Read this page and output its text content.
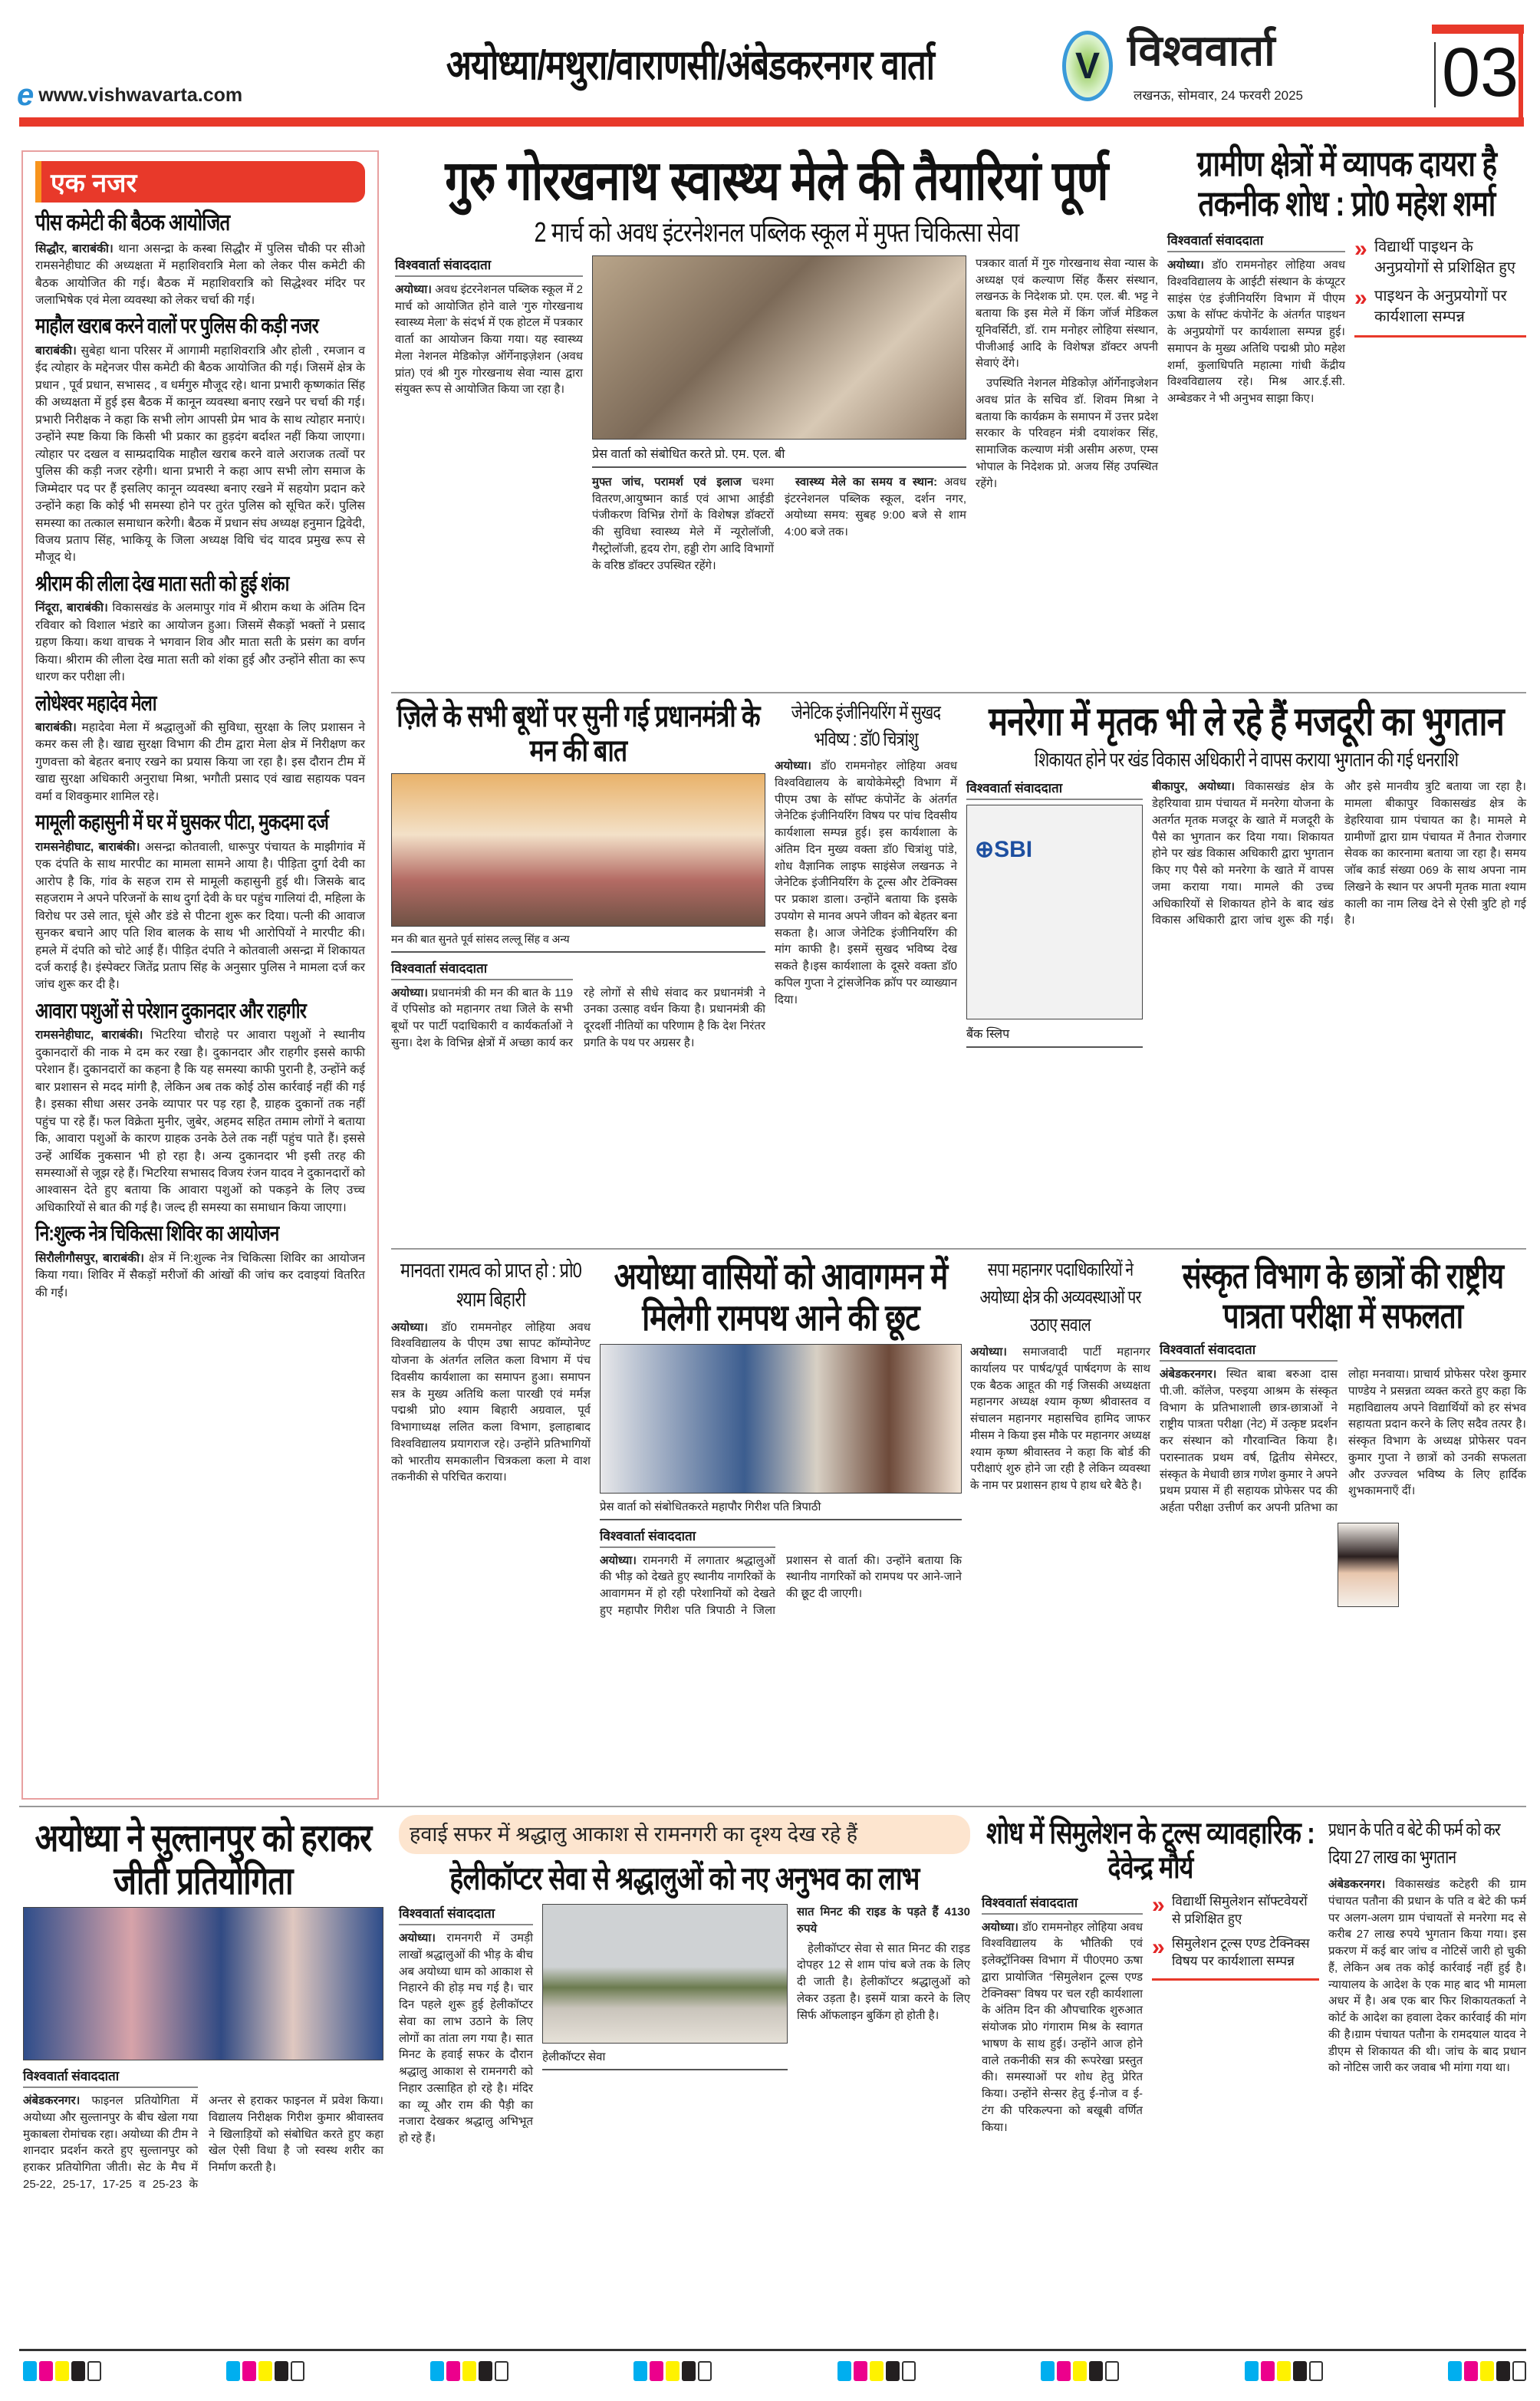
e www.vishwavarta.com
अयोध्या/मथुरा/वाराणसी/अंबेडकरनगर वार्ता	V विश्ववार्ता
लखनऊ, सोमवार, 24 फरवरी 2025 03
एक नजर
पीस कमेटी की बैठक आयोजित
सिद्धौर, बाराबंकी। थाना असन्द्रा के कस्बा सिद्धौर में पुलिस चौकी पर सीओ रामसनेहीघाट की अध्यक्षता में महाशिवरात्रि मेला को लेकर पीस कमेटी की बैठक आयोजित की गई। बैठक में महाशिवरात्रि को सिद्धेश्वर मंदिर पर जलाभिषेक एवं मेला व्यवस्था को लेकर चर्चा की गई।
माहौल खराब करने वालों पर पुलिस की कड़ी नजर
बाराबंकी। सुबेहा थाना परिसर में आगामी महाशिवरात्रि और होली , रमजान व ईद त्योहार के मद्देनजर पीस कमेटी की बैठक आयोजित की गई। जिसमें क्षेत्र के प्रधान , पूर्व प्रधान, सभासद , व धर्मगुरु मौजूद रहे। थाना प्रभारी कृष्णकांत सिंह की अध्यक्षता में हुई इस बैठक में कानून व्यवस्था बनाए रखने पर चर्चा की गई। प्रभारी निरीक्षक ने कहा कि सभी लोग आपसी प्रेम भाव के साथ त्योहार मनाएं। उन्होंने स्पष्ट किया कि किसी भी प्रकार का हुड़दंग बर्दाश्त नहीं किया जाएगा। त्योहार पर दखल व साम्प्रदायिक माहौल खराब करने वाले अराजक तत्वों पर पुलिस की कड़ी नजर रहेगी। थाना प्रभारी ने कहा आप सभी लोग समाज के जिम्मेदार पद पर हैं इसलिए कानून व्यवस्था बनाए रखने में सहयोग प्रदान करे उन्होंने कहा कि कोई भी समस्या होने पर तुरंत पुलिस को सूचित करें। पुलिस समस्या का तत्काल समाधान करेगी। बैठक में प्रधान संघ अध्यक्ष हनुमान द्विवेदी, विजय प्रताप सिंह, भाकियू के जिला अध्यक्ष विधि चंद यादव प्रमुख रूप से मौजूद थे।
श्रीराम की लीला देख माता सती को हुई शंका
निंदूरा, बाराबंकी। विकासखंड के अलमापुर गांव में श्रीराम कथा के अंतिम दिन रविवार को विशाल भंडारे का आयोजन हुआ। जिसमें सैकड़ों भक्तों ने प्रसाद ग्रहण किया। कथा वाचक ने भगवान शिव और माता सती के प्रसंग का वर्णन किया। श्रीराम की लीला देख माता सती को शंका हुई और उन्होंने सीता का रूप धारण कर परीक्षा ली।
लोधेश्वर महादेव मेला
बाराबंकी। महादेवा मेला में श्रद्धालुओं की सुविधा, सुरक्षा के लिए प्रशासन ने कमर कस ली है। खाद्य सुरक्षा विभाग की टीम द्वारा मेला क्षेत्र में निरीक्षण कर गुणवत्ता को बेहतर बनाए रखने का प्रयास किया जा रहा है। इस दौरान टीम में खाद्य सुरक्षा अधिकारी अनुराधा मिश्रा, भगौती प्रसाद एवं खाद्य सहायक पवन वर्मा व शिवकुमार शामिल रहे।
मामूली कहासुनी में घर में घुसकर पीटा, मुकदमा दर्ज
रामसनेहीघाट, बाराबंकी। असन्द्रा कोतवाली, धारूपुर पंचायत के माझीगांव में एक दंपति के साथ मारपीट का मामला सामने आया है। पीड़िता दुर्गा देवी का आरोप है कि, गांव के सहज राम से मामूली कहासुनी हुई थी। जिसके बाद सहजराम ने अपने परिजनों के साथ दुर्गा देवी के घर पहुंच गालियां दी, महिला के विरोध पर उसे लात, घूंसे और डंडे से पीटना शुरू कर दिया। पत्नी की आवाज सुनकर बचाने आए पति शिव बालक के साथ भी आरोपियों ने मारपीट की। हमले में दंपति को चोटे आई हैं। पीड़ित दंपति ने कोतवाली असन्द्रा में शिकायत दर्ज कराई है। इंस्पेक्टर जितेंद्र प्रताप सिंह के अनुसार पुलिस ने मामला दर्ज कर जांच शुरू कर दी है।
आवारा पशुओं से परेशान दुकानदार और राहगीर
रामसनेहीघाट, बाराबंकी। भिटरिया चौराहे पर आवारा पशुओं ने स्थानीय दुकानदारों की नाक मे दम कर रखा है। दुकानदार और राहगीर इससे काफी परेशान हैं। दुकानदारों का कहना है कि यह समस्या काफी पुरानी है, उन्होंने कई बार प्रशासन से मदद मांगी है, लेकिन अब तक कोई ठोस कार्रवाई नहीं की गई है। इसका सीधा असर उनके व्यापार पर पड़ रहा है, ग्राहक दुकानों तक नहीं पहुंच पा रहे हैं। फल विक्रेता मुनीर, जुबेर, अहमद सहित तमाम लोगों ने बताया कि, आवारा पशुओं के कारण ग्राहक उनके ठेले तक नहीं पहुंच पाते हैं। इससे उन्हें आर्थिक नुकसान भी हो रहा है। अन्य दुकानदार भी इसी तरह की समस्याओं से जूझ रहे हैं। भिटरिया सभासद विजय रंजन यादव ने दुकानदारों को आश्वासन देते हुए बताया कि आवारा पशुओं को पकड़ने के लिए उच्च अधिकारियों से बात की गई है। जल्द ही समस्या का समाधान किया जाएगा।
नि:शुल्क नेत्र चिकित्सा शिविर का आयोजन
सिरौलीगौसपुर, बाराबंकी। क्षेत्र में नि:शुल्क नेत्र चिकित्सा शिविर का आयोजन किया गया। शिविर में सैकड़ों मरीजों की आंखों की जांच कर दवाइयां वितरित की गईं।
गुरु गोरखनाथ स्वास्थ्य मेले की तैयारियां पूर्ण
2 मार्च को अवध इंटरनेशनल पब्लिक स्कूल में मुफ्त चिकित्सा सेवा
विश्ववार्ता संवाददाता

अयोध्या। अवध इंटरनेशनल पब्लिक स्कूल में 2 मार्च को आयोजित होने वाले ‘गुरु गोरखनाथ स्वास्थ्य मेला’ के संदर्भ में एक होटल में पत्रकार वार्ता का आयोजन किया गया। यह स्वास्थ्य मेला नेशनल मेडिकोज़ ऑर्गेनाइज़ेशन (अवध प्रांत) एवं श्री गुरु गोरखनाथ सेवा न्यास द्वारा संयुक्त रूप से आयोजित किया जा रहा है।

प्रेस वार्ता को संबोधित करते प्रो. एम. एल. बी

मुफ्त जांच, परामर्श एवं इलाज चश्मा वितरण,आयुष्मान कार्ड एवं आभा आईडी पंजीकरण विभिन्न रोगों के विशेषज्ञ डॉक्टरों की सुविधा स्वास्थ्य मेले में न्यूरोलॉजी, गैस्ट्रोलॉजी, हृदय रोग, हड्डी रोग आदि विभागों के वरिष्ठ डॉक्टर उपस्थित रहेंगे।

स्वास्थ्य मेले का समय व स्थान: अवध इंटरनेशनल पब्लिक स्कूल, दर्शन नगर, अयोध्या समय: सुबह 9:00 बजे से शाम 4:00 बजे तक।

पत्रकार वार्ता में गुरु गोरखनाथ सेवा न्यास के अध्यक्ष एवं कल्याण सिंह कैंसर संस्थान, लखनऊ के निदेशक प्रो. एम. एल. बी. भट्ट ने बताया कि इस मेले में किंग जॉर्ज मेडिकल यूनिवर्सिटी, डॉ. राम मनोहर लोहिया संस्थान, पीजीआई आदि के विशेषज्ञ डॉक्टर अपनी सेवाएं देंगे।

उपस्थिति नेशनल मेडिकोज़ ऑर्गेनाइजेशन अवध प्रांत के सचिव डॉ. शिवम मिश्रा ने बताया कि कार्यक्रम के समापन में उत्तर प्रदेश सरकार के परिवहन मंत्री दयाशंकर सिंह, सामाजिक कल्याण मंत्री असीम अरुण, एम्स भोपाल के निदेशक प्रो. अजय सिंह उपस्थित रहेंगे।

ग्रामीण क्षेत्रों में व्यापक दायरा है तकनीक शोध : प्रो0 महेश शर्मा
विश्ववार्ता संवाददाता

अयोध्या। डॉ0 राममनोहर लोहिया अवध विश्वविद्यालय के आईटी संस्थान के कंप्यूटर साइंस एंड इंजीनियरिंग विभाग में पीएम ऊषा के सॉफ्ट कंपोनेंट के अंतर्गत पाइथन के अनुप्रयोगों पर कार्यशाला सम्पन्न हुई। समापन के मुख्य अतिथि पद्मश्री प्रो0 महेश शर्मा, कुलाधिपति महात्मा गांधी केंद्रीय विश्वविद्यालय रहे। मिश्र आर.ई.सी. अम्बेडकर ने भी अनुभव साझा किए।

» विद्यार्थी पाइथन के अनुप्रयोगों से प्रशिक्षित हुए
» पाइथन के अनुप्रयोगों पर कार्यशाला सम्पन्न
ज़िले के सभी बूथों पर सुनी गई प्रधानमंत्री के मन की बात
मन की बात सुनते पूर्व सांसद लल्लू सिंह व अन्य
विश्ववार्ता संवाददाता

अयोध्या। प्रधानमंत्री की मन की बात के 119 वें एपिसोड को महानगर तथा जिले के सभी बूथों पर पार्टी पदाधिकारी व कार्यकर्ताओं ने सुना। देश के विभिन्न क्षेत्रों में अच्छा कार्य कर रहे लोगों से सीधे संवाद कर प्रधानमंत्री ने उनका उत्साह वर्धन किया है। प्रधानमंत्री की दूरदर्शी नीतियों का परिणाम है कि देश निरंतर प्रगति के पथ पर अग्रसर है।

जेनेटिक इंजीनियरिंग में सुखद भविष्य : डॉ0 चित्रांशु

अयोध्या। डॉ0 राममनोहर लोहिया अवध विश्वविद्यालय के बायोकेमेस्ट्री विभाग में पीएम उषा के सॉफ्ट कंपोनेंट के अंतर्गत जेनेटिक इंजीनियरिंग विषय पर पांच दिवसीय कार्यशाला सम्पन्न हुई। इस कार्यशाला के अंतिम दिन मुख्य वक्ता डॉ0 चित्रांशु पांडे, शोध वैज्ञानिक लाइफ साइंसेज लखनऊ ने जेनेटिक इंजीनियरिंग के टूल्स और टेक्निक्स पर प्रकाश डाला। उन्होंने बताया कि इसके उपयोग से मानव अपने जीवन को बेहतर बना सकता है। आज जेनेटिक इंजीनियरिंग की मांग काफी है। इसमें सुखद भविष्य देख सकते है।इस कार्यशाला के दूसरे वक्ता डॉ0 कपिल गुप्ता ने ट्रांसजेनिक क्रॉप पर व्याख्यान दिया।

मनरेगा में मृतक भी ले रहे हैं मजदूरी का भुगतान
शिकायत होने पर खंड विकास अधिकारी ने वापस कराया भुगतान की गई धनराशि
विश्ववार्ता संवाददाता
⊕SBI
बैंक स्लिप

बीकापुर, अयोध्या। विकासखंड क्षेत्र के डेहरियावा ग्राम पंचायत में मनरेगा योजना के अतर्गत मृतक मजदूर के खाते में मजदूरी के पैसे का भुगतान कर दिया गया। शिकायत होने पर खंड विकास अधिकारी द्वारा भुगतान किए गए पैसे को मनरेगा के खाते में वापस जमा कराया गया। मामले की उच्च अधिकारियों से शिकायत होने के बाद खंड विकास अधिकारी द्वारा जांच शुरू की गई। और इसे मानवीय त्रुटि बताया जा रहा है। मामला बीकापुर विकासखंड क्षेत्र के डेहरियावा ग्राम पंचायत का है। मामले मे ग्रामीणों द्वारा ग्राम पंचायत में तैनात रोजगार सेवक का कारनामा बताया जा रहा है। समय जॉब कार्ड संख्या 069 के साथ अपना नाम लिखने के स्थान पर अपनी मृतक माता श्याम काली का नाम लिख देने से ऐसी त्रुटि हो गई है।

मानवता रामत्व को प्राप्त हो : प्रो0 श्याम बिहारी

अयोध्या। डॉ0 राममनोहर लोहिया अवध विश्वविद्यालय के पीएम उषा सापट कॉम्पोनेण्ट योजना के अंतर्गत ललित कला विभाग में पंच दिवसीय कार्यशाला का समापन हुआ। समापन सत्र के मुख्य अतिथि कला पारखी एवं मर्मज्ञ पद्मश्री प्रो0 श्याम बिहारी अग्रवाल, पूर्व विभागाध्यक्ष ललित कला विभाग, इलाहाबाद विश्वविद्यालय प्रयागराज रहे। उन्होंने प्रतिभागियों को भारतीय समकालीन चित्रकला कला मे वाश तकनीकी से परिचित कराया।

अयोध्या वासियों को आवागमन में मिलेगी रामपथ आने की छूट
प्रेस वार्ता को संबोधितकरते महापौर गिरीश पति त्रिपाठी
विश्ववार्ता संवाददाता

अयोध्या। रामनगरी में लगातार श्रद्धालुओं की भीड़ को देखते हुए स्थानीय नागरिकों के आवागमन में हो रही परेशानियों को देखते हुए महापौर गिरीश पति त्रिपाठी ने जिला प्रशासन से वार्ता की। उन्होंने बताया कि स्थानीय नागरिकों को रामपथ पर आने-जाने की छूट दी जाएगी।

सपा महानगर पदाधिकारियों ने अयोध्या क्षेत्र की अव्यवस्थाओं पर उठाए सवाल

अयोध्या। समाजवादी पार्टी महानगर कार्यालय पर पार्षद/पूर्व पार्षदगण के साथ एक बैठक आहूत की गई जिसकी अध्यक्षता महानगर अध्यक्ष श्याम कृष्ण श्रीवास्तव व संचालन महानगर महासचिव हामिद जाफर मीसम ने किया इस मौके पर महानगर अध्यक्ष श्याम कृष्ण श्रीवास्तव ने कहा कि बोर्ड की परीक्षाएं शुरु होने जा रही है लेकिन व्यवस्था के नाम पर प्रशासन हाथ पे हाथ धरे बैठे है।

संस्कृत विभाग के छात्रों की राष्ट्रीय पात्रता परीक्षा में सफलता
विश्ववार्ता संवाददाता

अंबेडकरनगर। स्थित बाबा बरुआ दास पी.जी. कॉलेज, परुइया आश्रम के संस्कृत विभाग के प्रतिभाशाली छात्र-छात्राओं ने राष्ट्रीय पात्रता परीक्षा (नेट) में उत्कृष्ट प्रदर्शन कर संस्थान को गौरवान्वित किया है। परास्नातक प्रथम वर्ष, द्वितीय सेमेस्टर, संस्कृत के मेधावी छात्र गणेश कुमार ने अपने प्रथम प्रयास में ही सहायक प्रोफेसर पद की अर्हता परीक्षा उत्तीर्ण कर अपनी प्रतिभा का लोहा मनवाया। प्राचार्य प्रोफेसर परेश कुमार पाण्डेय ने प्रसन्नता व्यक्त करते हुए कहा कि महाविद्यालय अपने विद्यार्थियों को हर संभव सहायता प्रदान करने के लिए सदैव तत्पर है। संस्कृत विभाग के अध्यक्ष प्रोफेसर पवन कुमार गुप्ता ने छात्रों को उनकी सफलता और उज्ज्वल भविष्य के लिए हार्दिक शुभकामनाएँ दीं।

अयोध्या ने सुल्तानपुर को हराकर जीती प्रतियोगिता
विश्ववार्ता संवाददाता

अंबेडकरनगर। फाइनल प्रतियोगिता में अयोध्या और सुल्तानपुर के बीच खेला गया मुकाबला रोमांचक रहा। अयोध्या की टीम ने शानदार प्रदर्शन करते हुए सुल्तानपुर को हराकर प्रतियोगिता जीती। सेट के मैच में 25-22, 25-17, 17-25 व 25-23 के अन्तर से हराकर फाइनल में प्रवेश किया। विद्यालय निरीक्षक गिरीश कुमार श्रीवास्तव ने खिलाड़ियों को संबोधित करते हुए कहा खेल ऐसी विधा है जो स्वस्थ शरीर का निर्माण करती है।

हवाई सफर में श्रद्धालु आकाश से रामनगरी का दृश्य देख रहे हैं
हेलीकॉप्टर सेवा से श्रद्धालुओं को नए अनुभव का लाभ
विश्ववार्ता संवाददाता

अयोध्या। रामनगरी में उमड़ी लाखों श्रद्धालुओं की भीड़ के बीच अब अयोध्या धाम को आकाश से निहारने की होड़ मच गई है। चार दिन पहले शुरू हुई हेलीकॉप्टर सेवा का लाभ उठाने के लिए लोगों का तांता लग गया है। सात मिनट के हवाई सफर के दौरान श्रद्धालु आकाश से रामनगरी को निहार उत्साहित हो रहे है। मंदिर का व्यू और राम की पैड़ी का नजारा देखकर श्रद्धालु अभिभूत हो रहे हैं।

हेलीकॉप्टर सेवा

सात मिनट की राइड के पड़ते हैं 4130 रुपये

हेलीकॉप्टर सेवा से सात मिनट की राइड दोपहर 12 से शाम पांच बजे तक के लिए दी जाती है। हेलीकॉप्टर श्रद्धालुओं को लेकर उड़ता है। इसमें यात्रा करने के लिए सिर्फ ऑफलाइन बुकिंग हो होती है।

शोध में सिमुलेशन के टूल्स व्यावहारिक : देवेन्द्र मौर्य
विश्ववार्ता संवाददाता

अयोध्या। डॉ0 राममनोहर लोहिया अवध विश्वविद्यालय के भौतिकी एवं इलेक्ट्रॉनिक्स विभाग में पी0एम0 ऊषा द्वारा प्रायोजित “सिमुलेशन टूल्स एण्ड टेक्निक्स” विषय पर चल रही कार्यशाला के अंतिम दिन की औपचारिक शुरुआत संयोजक प्रो0 गंगाराम मिश्र के स्वागत भाषण के साथ हुई। उन्होंने आज होने वाले तकनीकी सत्र की रूपरेखा प्रस्तुत की। समस्याओं पर शोध हेतु प्रेरित किया। उन्होंने सेन्सर हेतु ई-नोज व ई-टंग की परिकल्पना को बखूबी वर्णित किया।

» विद्यार्थी सिमुलेशन सॉफ्टवेयरों से प्रशिक्षित हुए
» सिमुलेशन टूल्स एण्ड टेक्निक्स विषय पर कार्यशाला सम्पन्न
प्रधान के पति व बेटे की फर्म को कर दिया 27 लाख का भुगतान

अंबेडकरनगर। विकासखंड कटेहरी की ग्राम पंचायत पतौना की प्रधान के पति व बेटे की फर्म पर अलग-अलग ग्राम पंचायतों से मनरेगा मद से करीब 27 लाख रुपये भुगतान किया गया। इस प्रकरण में कई बार जांच व नोटिसें जारी हो चुकी हैं, लेकिन अब तक कोई कार्रवाई नहीं हुई है। न्यायालय के आदेश के एक माह बाद भी मामला अधर में है। अब एक बार फिर शिकायतकर्ता ने कोर्ट के आदेश का हवाला देकर कार्रवाई की मांग की है।ग्राम पंचायत पतौना के रामदयाल यादव ने डीएम से शिकायत की थी। जांच के बाद प्रधान को नोटिस जारी कर जवाब भी मांगा गया था।
